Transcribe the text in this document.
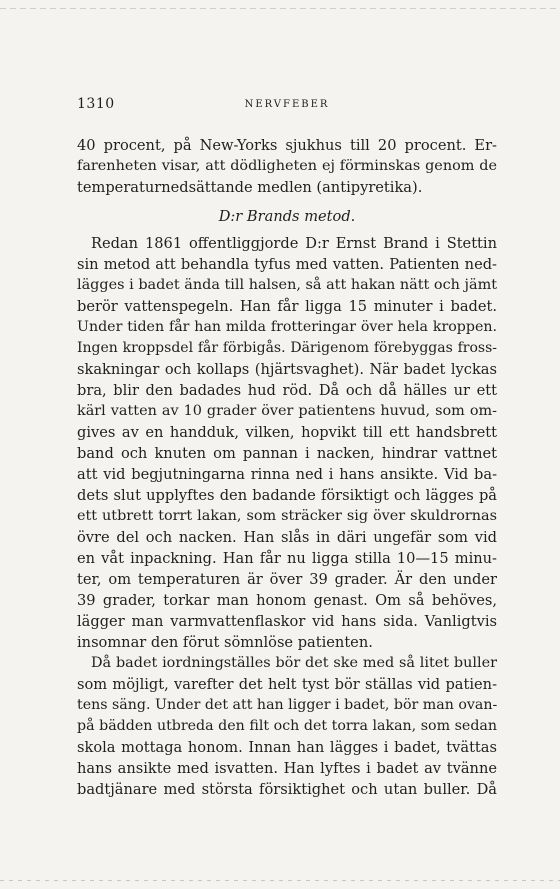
1310	NERVFEBER
40 procent, på New-Yorks sjukhus till 20 procent. Er-
farenheten visar, att dödligheten ej förminskas genom de
temperaturnedsättande medlen (antipyretika).
D:r Brands metod.
Redan 1861 offentliggjorde D:r Ernst Brand i Stettin
sin metod att behandla tyfus med vatten. Patienten ned-
lägges i badet ända till halsen, så att hakan nätt och jämt
berör vattenspegeln. Han får ligga 15 minuter i badet.
Under tiden får han milda frotteringar över hela kroppen.
Ingen kroppsdel får förbigås. Därigenom förebyggas fross-
skakningar och kollaps (hjärtsvaghet). När badet lyckas
bra, blir den badades hud röd. Då och då hälles ur ett
kärl vatten av 10 grader över patientens huvud, som om-
gives av en handduk, vilken, hopvikt till ett handsbrett
band och knuten om pannan i nacken, hindrar vattnet
att vid begjutningarna rinna ned i hans ansikte. Vid ba-
dets slut upplyftes den badande försiktigt och lägges på
ett utbrett torrt lakan, som sträcker sig över skuldrornas
övre del och nacken. Han slås in däri ungefär som vid
en våt inpackning. Han får nu ligga stilla 10—15 minu-
ter, om temperaturen är över 39 grader. Är den under
39 grader, torkar man honom genast. Om så behöves,
lägger man varmvattenflaskor vid hans sida. Vanligtvis
insomnar den förut sömnlöse patienten.
Då badet iordningställes bör det ske med så litet buller
som möjligt, varefter det helt tyst bör ställas vid patien-
tens säng. Under det att han ligger i badet, bör man ovan-
på bädden utbreda den filt och det torra lakan, som sedan
skola mottaga honom. Innan han lägges i badet, tvättas
hans ansikte med isvatten. Han lyftes i badet av tvänne
badtjänare med största försiktighet och utan buller. Då
